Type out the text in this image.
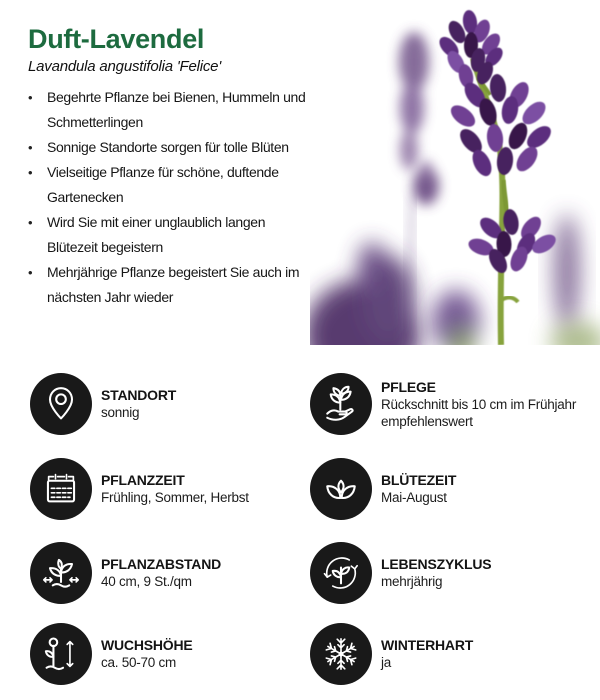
Duft-Lavendel

Lavandula angustifolia 'Felice'

•	Begehrte Pflanze bei Bienen, Hummeln und Schmetterlingen
•	Sonnige Standorte sorgen für tolle Blüten
•	Vielseitige Pflanze für schöne, duftende Gartenecken
•	Wird Sie mit einer unglaublich langen Blütezeit begeistern
•	Mehrjährige Pflanze begeistert Sie auch im nächsten Jahr wieder
STANDORT
sonnig
PFLEGE
Rückschnitt bis 10 cm im Frühjahr empfehlenswert
PFLANZZEIT
Frühling, Sommer, Herbst
BLÜTEZEIT
Mai-August
PFLANZABSTAND
40 cm, 9 St./qm
LEBENSZYKLUS
mehrjährig
WUCHSHÖHE
ca. 50-70 cm
WINTERHART
ja
